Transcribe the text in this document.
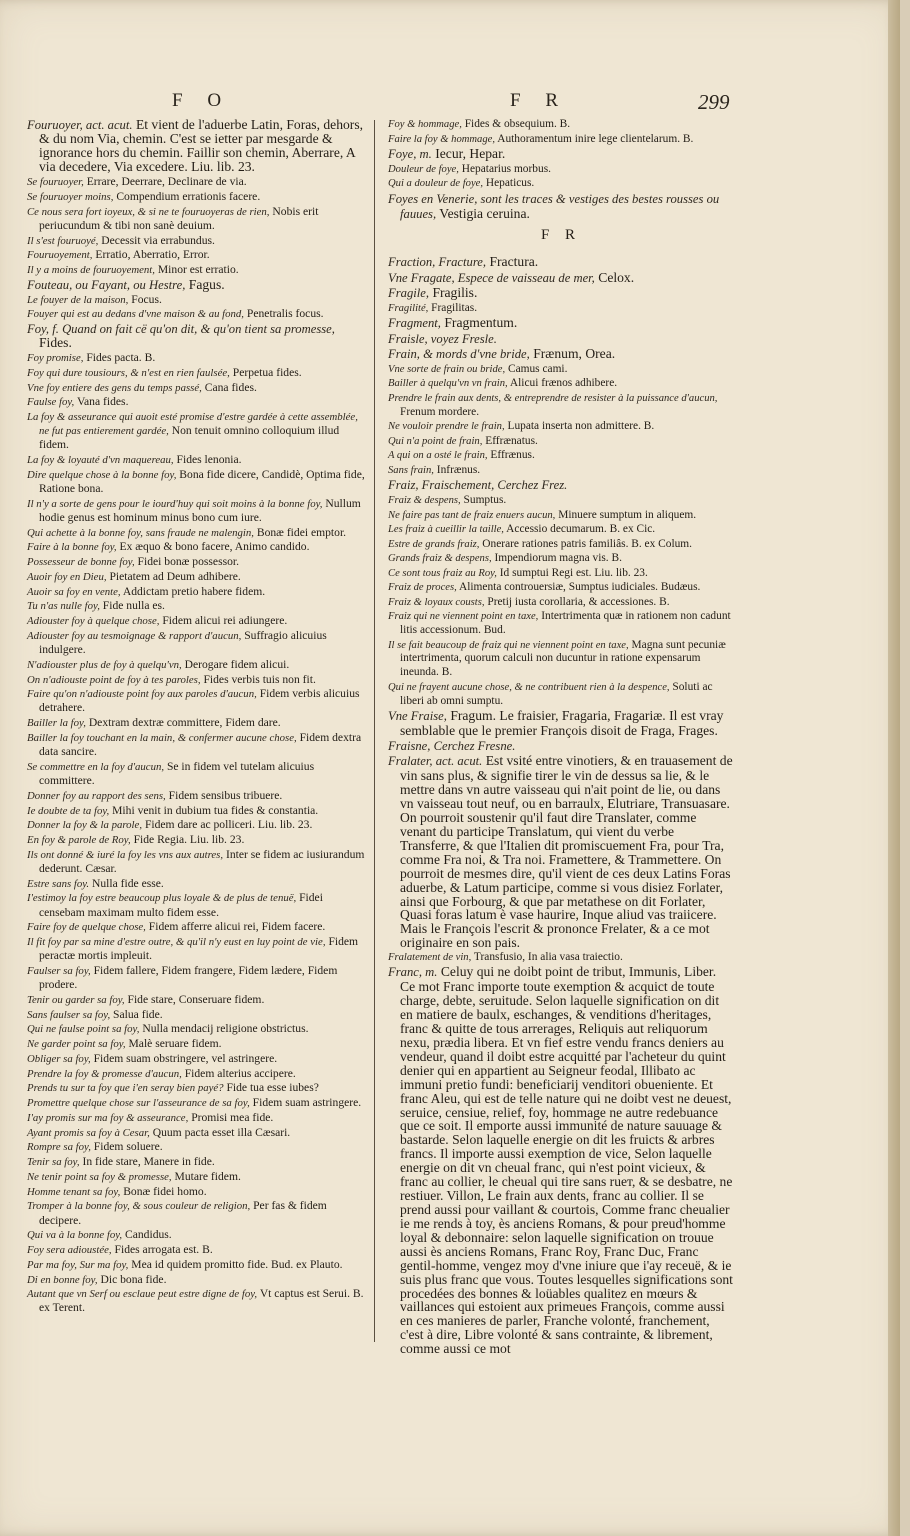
F O	F R	299

Fouruoyer, act. acut. Et vient de l'aduerbe Latin, Foras, dehors, & du nom Via, chemin. C'est se ietter par mesgarde & ignorance hors du chemin. Faillir son chemin, Aberrare, A via decedere, Via excedere. Liu. lib. 23.

Se fouruoyer, Errare, Deerrare, Declinare de via.

Se fouruoyer moins, Compendium errationis facere.

Ce nous sera fort ioyeux, & si ne te fouruoyeras de rien, Nobis erit periucundum & tibi non sanè deuium.

Il s'est fouruoyé, Decessit via errabundus.

Fouruoyement, Erratio, Aberratio, Error.

Il y a moins de fouruoyement, Minor est erratio.

Fouteau, ou Fayant, ou Hestre, Fagus.

Le fouyer de la maison, Focus.

Fouyer qui est au dedans d'vne maison & au fond, Penetralis focus.

Foy, f. Quand on fait cë qu'on dit, & qu'on tient sa promesse, Fides.

Foy promise, Fides pacta. B.

Foy qui dure tousiours, & n'est en rien faulsée, Perpetua fides.

Vne foy entiere des gens du temps passé, Cana fides.

Faulse foy, Vana fides.

La foy & asseurance qui auoit esté promise d'estre gardée à cette assemblée, ne fut pas entierement gardée, Non tenuit omnino colloquium illud fidem.

La foy & loyauté d'vn maquereau, Fides lenonia.

Dire quelque chose à la bonne foy, Bona fide dicere, Candidè, Optima fide, Ratione bona.

Il n'y a sorte de gens pour le iourd'huy qui soit moins à la bonne foy, Nullum hodie genus est hominum minus bono cum iure.

Qui achette à la bonne foy, sans fraude ne malengin, Bonæ fidei emptor.

Faire à la bonne foy, Ex æquo & bono facere, Animo candido.

Possesseur de bonne foy, Fidei bonæ possessor.

Auoir foy en Dieu, Pietatem ad Deum adhibere.

Auoir sa foy en vente, Addictam pretio habere fidem.

Tu n'as nulle foy, Fide nulla es.

Adiouster foy à quelque chose, Fidem alicui rei adiungere.

Adiouster foy au tesmoignage & rapport d'aucun, Suffragio alicuius indulgere.

N'adiouster plus de foy à quelqu'vn, Derogare fidem alicui.

On n'adiouste point de foy à tes paroles, Fides verbis tuis non fit.

Faire qu'on n'adiouste point foy aux paroles d'aucun, Fidem verbis alicuius detrahere.

Bailler la foy, Dextram dextræ committere, Fidem dare.

Bailler la foy touchant en la main, & confermer aucune chose, Fidem dextra data sancire.

Se commettre en la foy d'aucun, Se in fidem vel tutelam alicuius committere.

Donner foy au rapport des sens, Fidem sensibus tribuere.

Ie doubte de ta foy, Mihi venit in dubium tua fides & constantia.

Donner la foy & la parole, Fidem dare ac polliceri. Liu. lib. 23.

En foy & parole de Roy, Fide Regia. Liu. lib. 23.

Ils ont donné & iuré la foy les vns aux autres, Inter se fidem ac iusiurandum dederunt. Cæsar.

Estre sans foy. Nulla fide esse.

I'estimoy la foy estre beaucoup plus loyale & de plus de tenuë, Fidei censebam maximam multo fidem esse.

Faire foy de quelque chose, Fidem afferre alicui rei, Fidem facere.

Il fit foy par sa mine d'estre outre, & qu'il n'y eust en luy point de vie, Fidem peractæ mortis impleuit.

Faulser sa foy, Fidem fallere, Fidem frangere, Fidem lædere, Fidem prodere.

Tenir ou garder sa foy, Fide stare, Conseruare fidem.

Sans faulser sa foy, Salua fide.

Qui ne faulse point sa foy, Nulla mendacij religione obstrictus.

Ne garder point sa foy, Malè seruare fidem.

Obliger sa foy, Fidem suam obstringere, vel astringere.

Prendre la foy & promesse d'aucun, Fidem alterius accipere.

Prends tu sur ta foy que i'en seray bien payé? Fide tua esse iubes?

Promettre quelque chose sur l'asseurance de sa foy, Fidem suam astringere.

I'ay promis sur ma foy & asseurance, Promisi mea fide.

Ayant promis sa foy à Cesar, Quum pacta esset illa Cæsari.

Rompre sa foy, Fidem soluere.

Tenir sa foy, In fide stare, Manere in fide.

Ne tenir point sa foy & promesse, Mutare fidem.

Homme tenant sa foy, Bonæ fidei homo.

Tromper à la bonne foy, & sous couleur de religion, Per fas & fidem decipere.

Qui va à la bonne foy, Candidus.

Foy sera adioustée, Fides arrogata est. B.

Par ma foy, Sur ma foy, Mea id quidem promitto fide. Bud. ex Plauto.

Di en bonne foy, Dic bona fide.

Autant que vn Serf ou esclaue peut estre digne de foy, Vt captus est Serui. B. ex Terent.

Foy & hommage, Fides & obsequium. B.

Faire la foy & hommage, Authoramentum inire lege clientelarum. B.

Foye, m. Iecur, Hepar.

Douleur de foye, Hepatarius morbus.

Qui a douleur de foye, Hepaticus.

Foyes en Venerie, sont les traces & vestiges des bestes rousses ou fauues, Vestigia ceruina.

F R

Fraction, Fracture, Fractura.

Vne Fragate, Espece de vaisseau de mer, Celox.

Fragile, Fragilis.

Fragilité, Fragilitas.

Fragment, Fragmentum.

Fraisle, voyez Fresle.

Frain, & mords d'vne bride, Frænum, Orea.

Vne sorte de frain ou bride, Camus cami.

Bailler à quelqu'vn vn frain, Alicui frænos adhibere.

Prendre le frain aux dents, & entreprendre de resister à la puissance d'aucun, Frenum mordere.

Ne vouloir prendre le frain, Lupata inserta non admittere. B.

Qui n'a point de frain, Effrænatus.

A qui on a osté le frain, Effrænus.

Sans frain, Infrænus.

Fraiz, Fraischement, Cerchez Frez.

Fraiz & despens, Sumptus.

Ne faire pas tant de fraiz enuers aucun, Minuere sumptum in aliquem.

Les fraiz à cueillir la taille, Accessio decumarum. B. ex Cic.

Estre de grands fraiz, Onerare rationes patris familiâs. B. ex Colum.

Grands fraiz & despens, Impendiorum magna vis. B.

Ce sont tous fraiz au Roy, Id sumptui Regi est. Liu. lib. 23.

Fraiz de proces, Alimenta controuersiæ, Sumptus iudiciales. Budæus.

Fraiz & loyaux cousts, Pretij iusta corollaria, & accessiones. B.

Fraiz qui ne viennent point en taxe, Intertrimenta quæ in rationem non cadunt litis accessionum. Bud.

Il se fait beaucoup de fraiz qui ne viennent point en taxe, Magna sunt pecuniæ intertrimenta, quorum calculi non ducuntur in ratione expensarum ineunda. B.

Qui ne frayent aucune chose, & ne contribuent rien à la despence, Soluti ac liberi ab omni sumptu.

Vne Fraise, Fragum. Le fraisier, Fragaria, Fragariæ. Il est vray semblable que le premier François disoit de Fraga, Frages.

Fraisne, Cerchez Fresne.

Fralater, act. acut. Est vsité entre vinotiers, & en trauasement de vin sans plus, & signifie tirer le vin de dessus sa lie, & le mettre dans vn autre vaisseau qui n'ait point de lie, ou dans vn vaisseau tout neuf, ou en barraulx, Elutriare, Transuasare. On pourroit soustenir qu'il faut dire Translater, comme venant du participe Translatum, qui vient du verbe Transferre, & que l'Italien dit promiscuement Fra, pour Tra, comme Fra noi, & Tra noi. Framettere, & Trammettere. On pourroit de mesmes dire, qu'il vient de ces deux Latins Foras aduerbe, & Latum participe, comme si vous disiez Forlater, ainsi que Forbourg, & que par metathese on dit Forlater, Quasi foras latum è vase haurire, Inque aliud vas traiicere. Mais le François l'escrit & prononce Frelater, & a ce mot originaire en son pais.

Fralatement de vin, Transfusio, In alia vasa traiectio.

Franc, m. Celuy qui ne doibt point de tribut, Immunis, Liber. Ce mot Franc importe toute exemption & acquict de toute charge, debte, seruitude. Selon laquelle signification on dit en matiere de baulx, eschanges, & venditions d'heritages, franc & quitte de tous arrerages, Reliquis aut reliquorum nexu, prædia libera. Et vn fief estre vendu francs deniers au vendeur, quand il doibt estre acquitté par l'acheteur du quint denier qui en appartient au Seigneur feodal, Illibato ac immuni pretio fundi: beneficiarij venditori obueniente. Et franc Aleu, qui est de telle nature qui ne doibt vest ne deuest, seruice, censiue, relief, foy, hommage ne autre redebuance que ce soit. Il emporte aussi immunité de nature sauuage & bastarde. Selon laquelle energie on dit les fruicts & arbres francs. Il importe aussi exemption de vice, Selon laquelle energie on dit vn cheual franc, qui n'est point vicieux, & franc au collier, le cheual qui tire sans rueт, & se desbatre, ne restiuer. Villon, Le frain aux dents, franc au collier. Il se prend aussi pour vaillant & courtois, Comme franc cheualier ie me rends à toy, ès anciens Romans, & pour preud'homme loyal & debonnaire: selon laquelle signification on trouue aussi ès anciens Romans, Franc Roy, Franc Duc, Franc gentil-homme, vengez moy d'vne iniure que i'ay receuë, & ie suis plus franc que vous. Toutes lesquelles significations sont procedées des bonnes & loüables qualitez en mœurs & vaillances qui estoient aux primeues François, comme aussi en ces manieres de parler, Franche volonté, franchement, c'est à dire, Libre volonté & sans contrainte, & librement, comme aussi ce mot
